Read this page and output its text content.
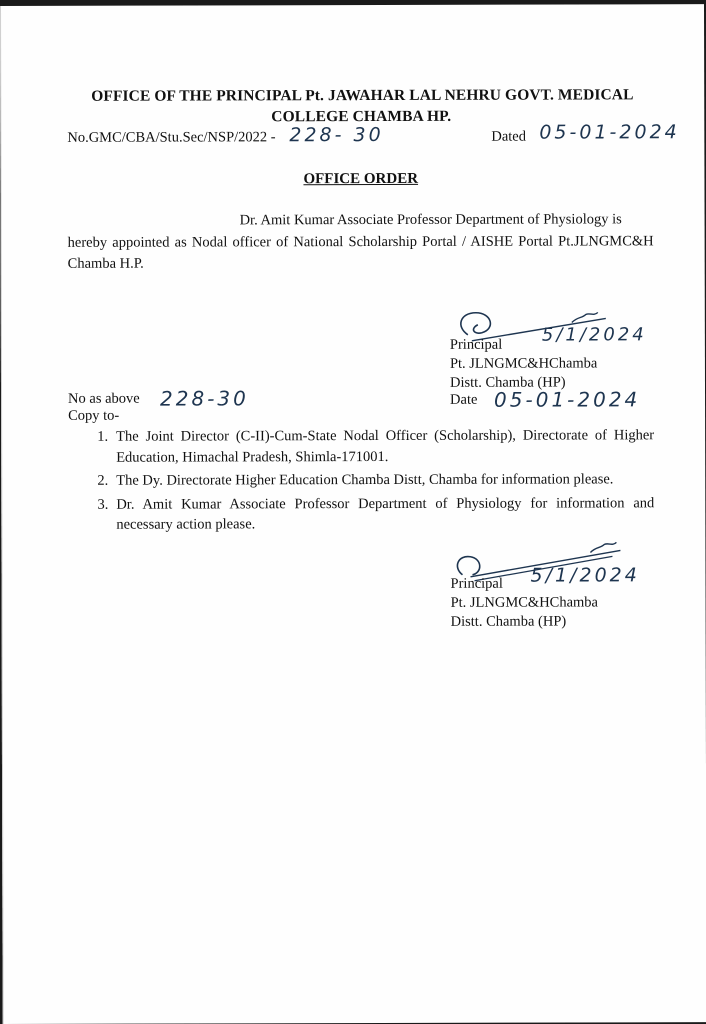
OFFICE OF THE PRINCIPAL Pt. JAWAHAR LAL NEHRU GOVT. MEDICAL
COLLEGE CHAMBA HP.
No.GMC/CBA/Stu.Sec/NSP/2022 - 228- 30	Dated 05-01-2024
OFFICE ORDER
Dr. Amit Kumar Associate Professor Department of Physiology is
hereby appointed as Nodal officer of National Scholarship Portal / AISHE Portal Pt.JLNGMC&H Chamba H.P.
5/1/2024
Principal
Pt. JLNGMC&HChamba
Distt. Chamba (HP)
Date 05-01-2024
No as above 228-30
Copy to-
1. The Joint Director (C-II)-Cum-State Nodal Officer (Scholarship), Directorate of Higher Education, Himachal Pradesh, Shimla-171001.
2. The Dy. Directorate Higher Education Chamba Distt, Chamba for information please.
3. Dr. Amit Kumar Associate Professor Department of Physiology for information and necessary action please.
5/1/2024
Principal
Pt. JLNGMC&HChamba
Distt. Chamba (HP)
